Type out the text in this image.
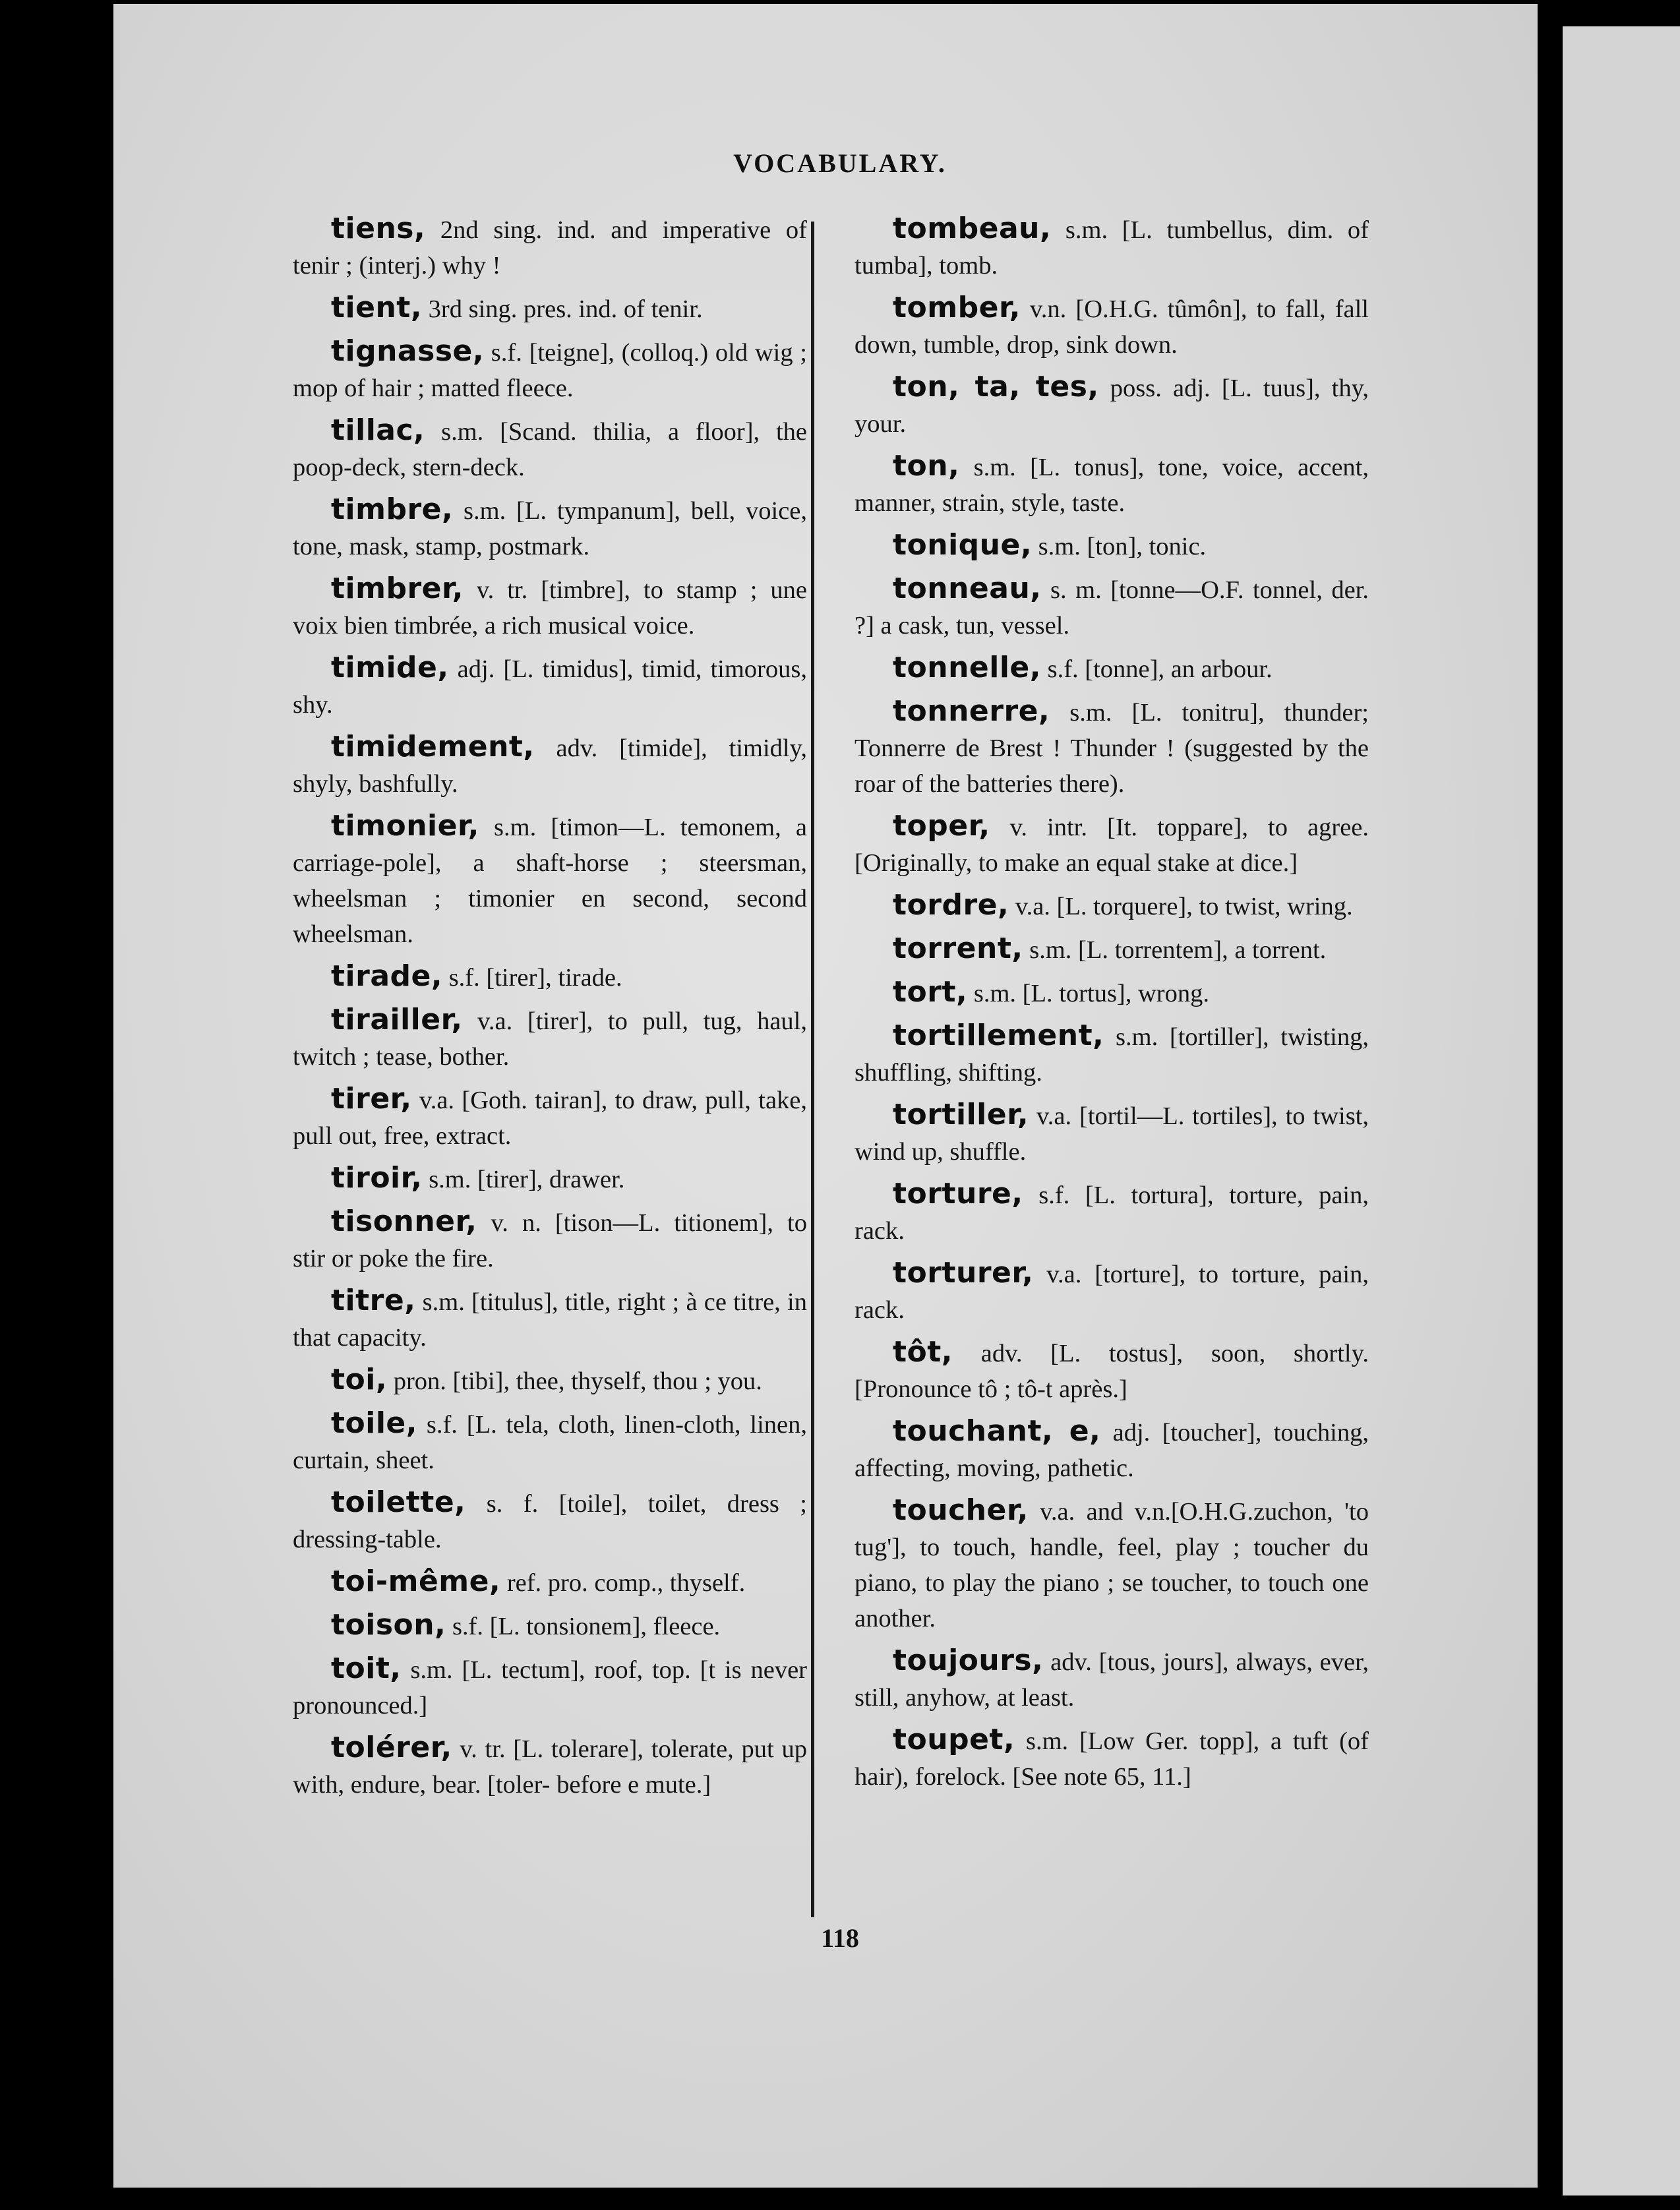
VOCABULARY.

tiens, 2nd sing. ind. and imperative of tenir ; (interj.) why !

tient, 3rd sing. pres. ind. of tenir.

tignasse, s.f. [teigne], (colloq.) old wig ; mop of hair ; matted fleece.

tillac, s.m. [Scand. thilia, a floor], the poop-deck, stern-deck.

timbre, s.m. [L. tympanum], bell, voice, tone, mask, stamp, postmark.

timbrer, v. tr. [timbre], to stamp ; une voix bien timbrée, a rich musical voice.

timide, adj. [L. timidus], timid, timorous, shy.

timidement, adv. [timide], timidly, shyly, bashfully.

timonier, s.m. [timon—L. temonem, a carriage-pole], a shaft-horse ; steersman, wheelsman ; timonier en second, second wheelsman.

tirade, s.f. [tirer], tirade.

tirailler, v.a. [tirer], to pull, tug, haul, twitch ; tease, bother.

tirer, v.a. [Goth. tairan], to draw, pull, take, pull out, free, extract.

tiroir, s.m. [tirer], drawer.

tisonner, v. n. [tison—L. titionem], to stir or poke the fire.

titre, s.m. [titulus], title, right ; à ce titre, in that capacity.

toi, pron. [tibi], thee, thyself, thou ; you.

toile, s.f. [L. tela, cloth, linen-cloth, linen, curtain, sheet.

toilette, s. f. [toile], toilet, dress ; dressing-table.

toi-même, ref. pro. comp., thyself.

toison, s.f. [L. tonsionem], fleece.

toit, s.m. [L. tectum], roof, top. [t is never pronounced.]

tolérer, v. tr. [L. tolerare], tolerate, put up with, endure, bear. [toler- before e mute.]

tombeau, s.m. [L. tumbellus, dim. of tumba], tomb.

tomber, v.n. [O.H.G. tûmôn], to fall, fall down, tumble, drop, sink down.

ton, ta, tes, poss. adj. [L. tuus], thy, your.

ton, s.m. [L. tonus], tone, voice, accent, manner, strain, style, taste.

tonique, s.m. [ton], tonic.

tonneau, s. m. [tonne—O.F. tonnel, der. ?] a cask, tun, vessel.

tonnelle, s.f. [tonne], an arbour.

tonnerre, s.m. [L. tonitru], thunder; Tonnerre de Brest ! Thunder ! (suggested by the roar of the batteries there).

toper, v. intr. [It. toppare], to agree. [Originally, to make an equal stake at dice.]

tordre, v.a. [L. torquere], to twist, wring.

torrent, s.m. [L. torrentem], a torrent.

tort, s.m. [L. tortus], wrong.

tortillement, s.m. [tortiller], twisting, shuffling, shifting.

tortiller, v.a. [tortil—L. tortiles], to twist, wind up, shuffle.

torture, s.f. [L. tortura], torture, pain, rack.

torturer, v.a. [torture], to torture, pain, rack.

tôt, adv. [L. tostus], soon, shortly. [Pronounce tô ; tô-t après.]

touchant, e, adj. [toucher], touching, affecting, moving, pathetic.

toucher, v.a. and v.n.[O.H.G.zuchon, 'to tug'], to touch, handle, feel, play ; toucher du piano, to play the piano ; se toucher, to touch one another.

toujours, adv. [tous, jours], always, ever, still, anyhow, at least.

toupet, s.m. [Low Ger. topp], a tuft (of hair), forelock. [See note 65, 11.]

118
